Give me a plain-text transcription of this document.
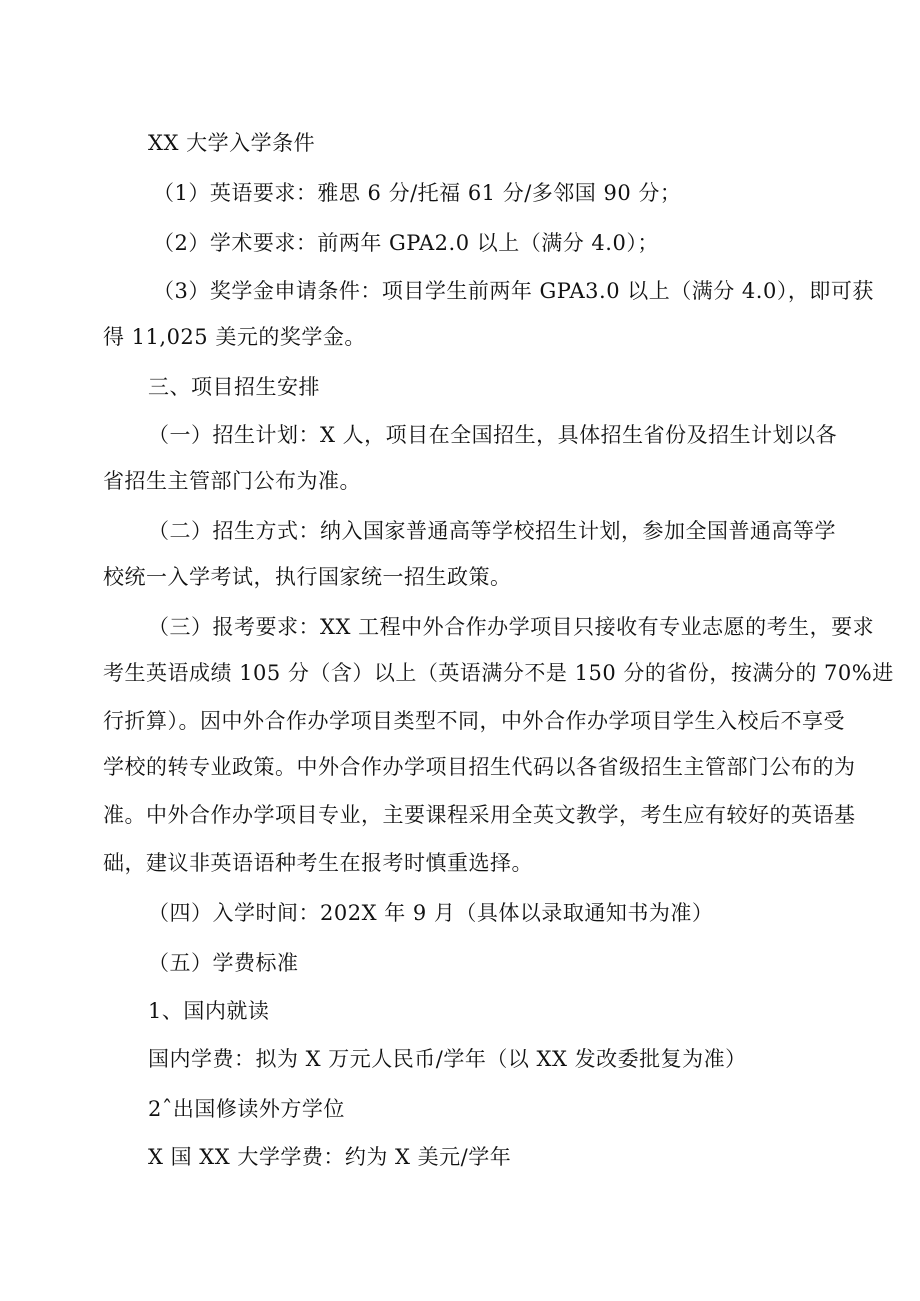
XX 大学入学条件
（1）英语要求：雅思 6 分/托福 61 分/多邻国 90 分；
（2）学术要求：前两年 GPA2.0 以上（满分 4.0）；
（3）奖学金申请条件：项目学生前两年 GPA3.0 以上（满分 4.0），即可获
得 11,025 美元的奖学金。
三、项目招生安排
（一）招生计划：X 人，项目在全国招生，具体招生省份及招生计划以各
省招生主管部门公布为准。
（二）招生方式：纳入国家普通高等学校招生计划，参加全国普通高等学
校统一入学考试，执行国家统一招生政策。
（三）报考要求：XX 工程中外合作办学项目只接收有专业志愿的考生，要求
考生英语成绩 105 分（含）以上（英语满分不是 150 分的省份，按满分的 70%进
行折算）。因中外合作办学项目类型不同，中外合作办学项目学生入校后不享受
学校的转专业政策。中外合作办学项目招生代码以各省级招生主管部门公布的为
准。中外合作办学项目专业，主要课程采用全英文教学，考生应有较好的英语基
础，建议非英语语种考生在报考时慎重选择。
（四）入学时间：202X 年 9 月（具体以录取通知书为准）
（五）学费标准
1、国内就读
国内学费：拟为 X 万元人民币/学年（以 XX 发改委批复为准）
2ˆ出国修读外方学位
X 国 XX 大学学费：约为 X 美元/学年
